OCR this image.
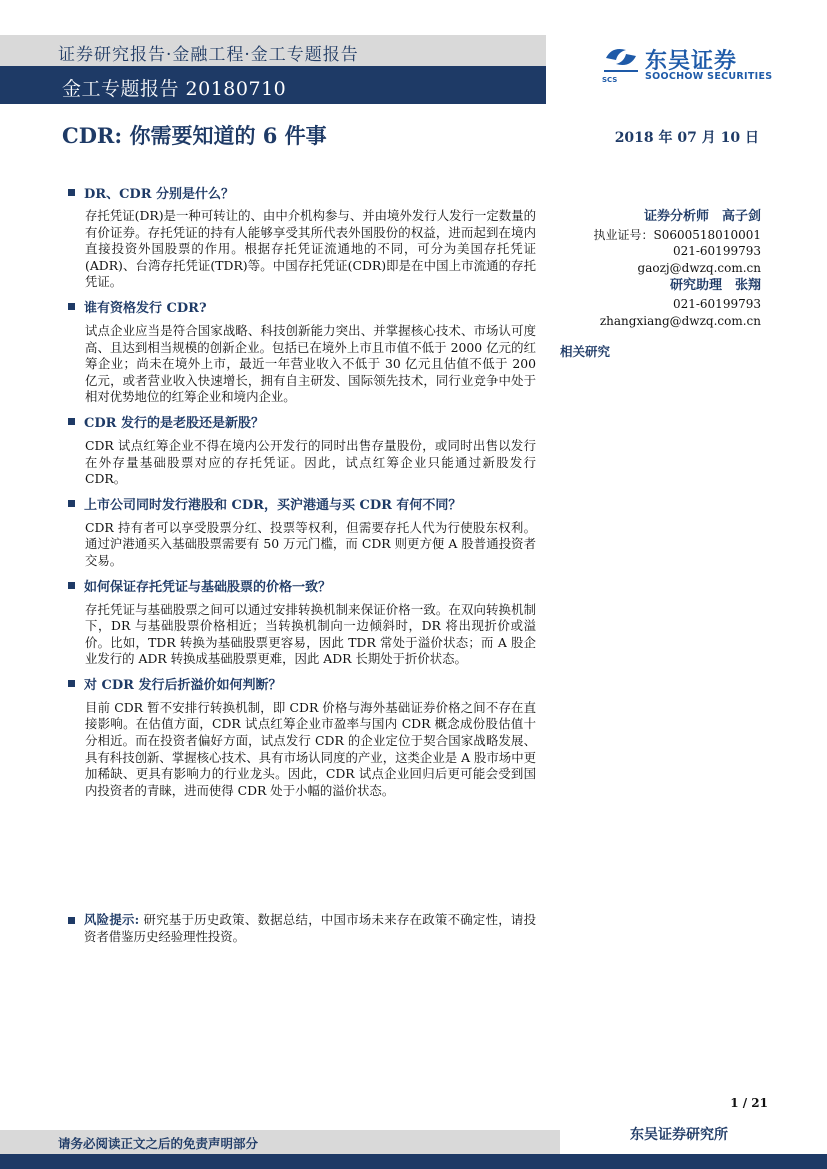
证券研究报告·金融工程·金工专题报告
金工专题报告 20180710	SCS
东吴证券
SOOCHOW SECURITIES
CDR: 你需要知道的 6 件事	2018 年 07 月 10 日
DR、CDR 分别是什么？
存托凭证(DR)是一种可转让的、由中介机构参与、并由境外发行人发行一定数量的有价证券。存托凭证的持有人能够享受其所代表外国股份的权益，进而起到在境内直接投资外国股票的作用。根据存托凭证流通地的不同，可分为美国存托凭证(ADR)、台湾存托凭证(TDR)等。中国存托凭证(CDR)即是在中国上市流通的存托凭证。
谁有资格发行 CDR?
试点企业应当是符合国家战略、科技创新能力突出、并掌握核心技术、市场认可度高、且达到相当规模的创新企业。包括已在境外上市且市值不低于 2000 亿元的红筹企业；尚未在境外上市，最近一年营业收入不低于 30 亿元且估值不低于 200 亿元，或者营业收入快速增长，拥有自主研发、国际领先技术，同行业竞争中处于相对优势地位的红筹企业和境内企业。
CDR 发行的是老股还是新股？
CDR 试点红筹企业不得在境内公开发行的同时出售存量股份，或同时出售以发行在外存量基础股票对应的存托凭证。因此，试点红筹企业只能通过新股发行 CDR。
上市公司同时发行港股和 CDR，买沪港通与买 CDR 有何不同？
CDR 持有者可以享受股票分红、投票等权利，但需要存托人代为行使股东权利。通过沪港通买入基础股票需要有 50 万元门槛，而 CDR 则更方便 A 股普通投资者交易。
如何保证存托凭证与基础股票的价格一致？
存托凭证与基础股票之间可以通过安排转换机制来保证价格一致。在双向转换机制下，DR 与基础股票价格相近；当转换机制向一边倾斜时，DR 将出现折价或溢价。比如，TDR 转换为基础股票更容易，因此 TDR 常处于溢价状态；而 A 股企业发行的 ADR 转换成基础股票更难，因此 ADR 长期处于折价状态。
对 CDR 发行后折溢价如何判断？
目前 CDR 暂不安排行转换机制，即 CDR 价格与海外基础证券价格之间不存在直接影响。在估值方面，CDR 试点红筹企业市盈率与国内 CDR 概念成份股估值十分相近。而在投资者偏好方面，试点发行 CDR 的企业定位于契合国家战略发展、具有科技创新、掌握核心技术、具有市场认同度的产业，这类企业是 A 股市场中更加稀缺、更具有影响力的行业龙头。因此，CDR 试点企业回归后更可能会受到国内投资者的青睐，进而使得 CDR 处于小幅的溢价状态。
风险提示: 研究基于历史政策、数据总结，中国市场未来存在政策不确定性，请投资者借鉴历史经验理性投资。
证券分析师　高子剑
执业证号：S0600518010001
021-60199793
gaozj@dwzq.com.cn
研究助理　张翔
021-60199793
zhangxiang@dwzq.com.cn
相关研究
1 / 21
请务必阅读正文之后的免责声明部分
东吴证券研究所
